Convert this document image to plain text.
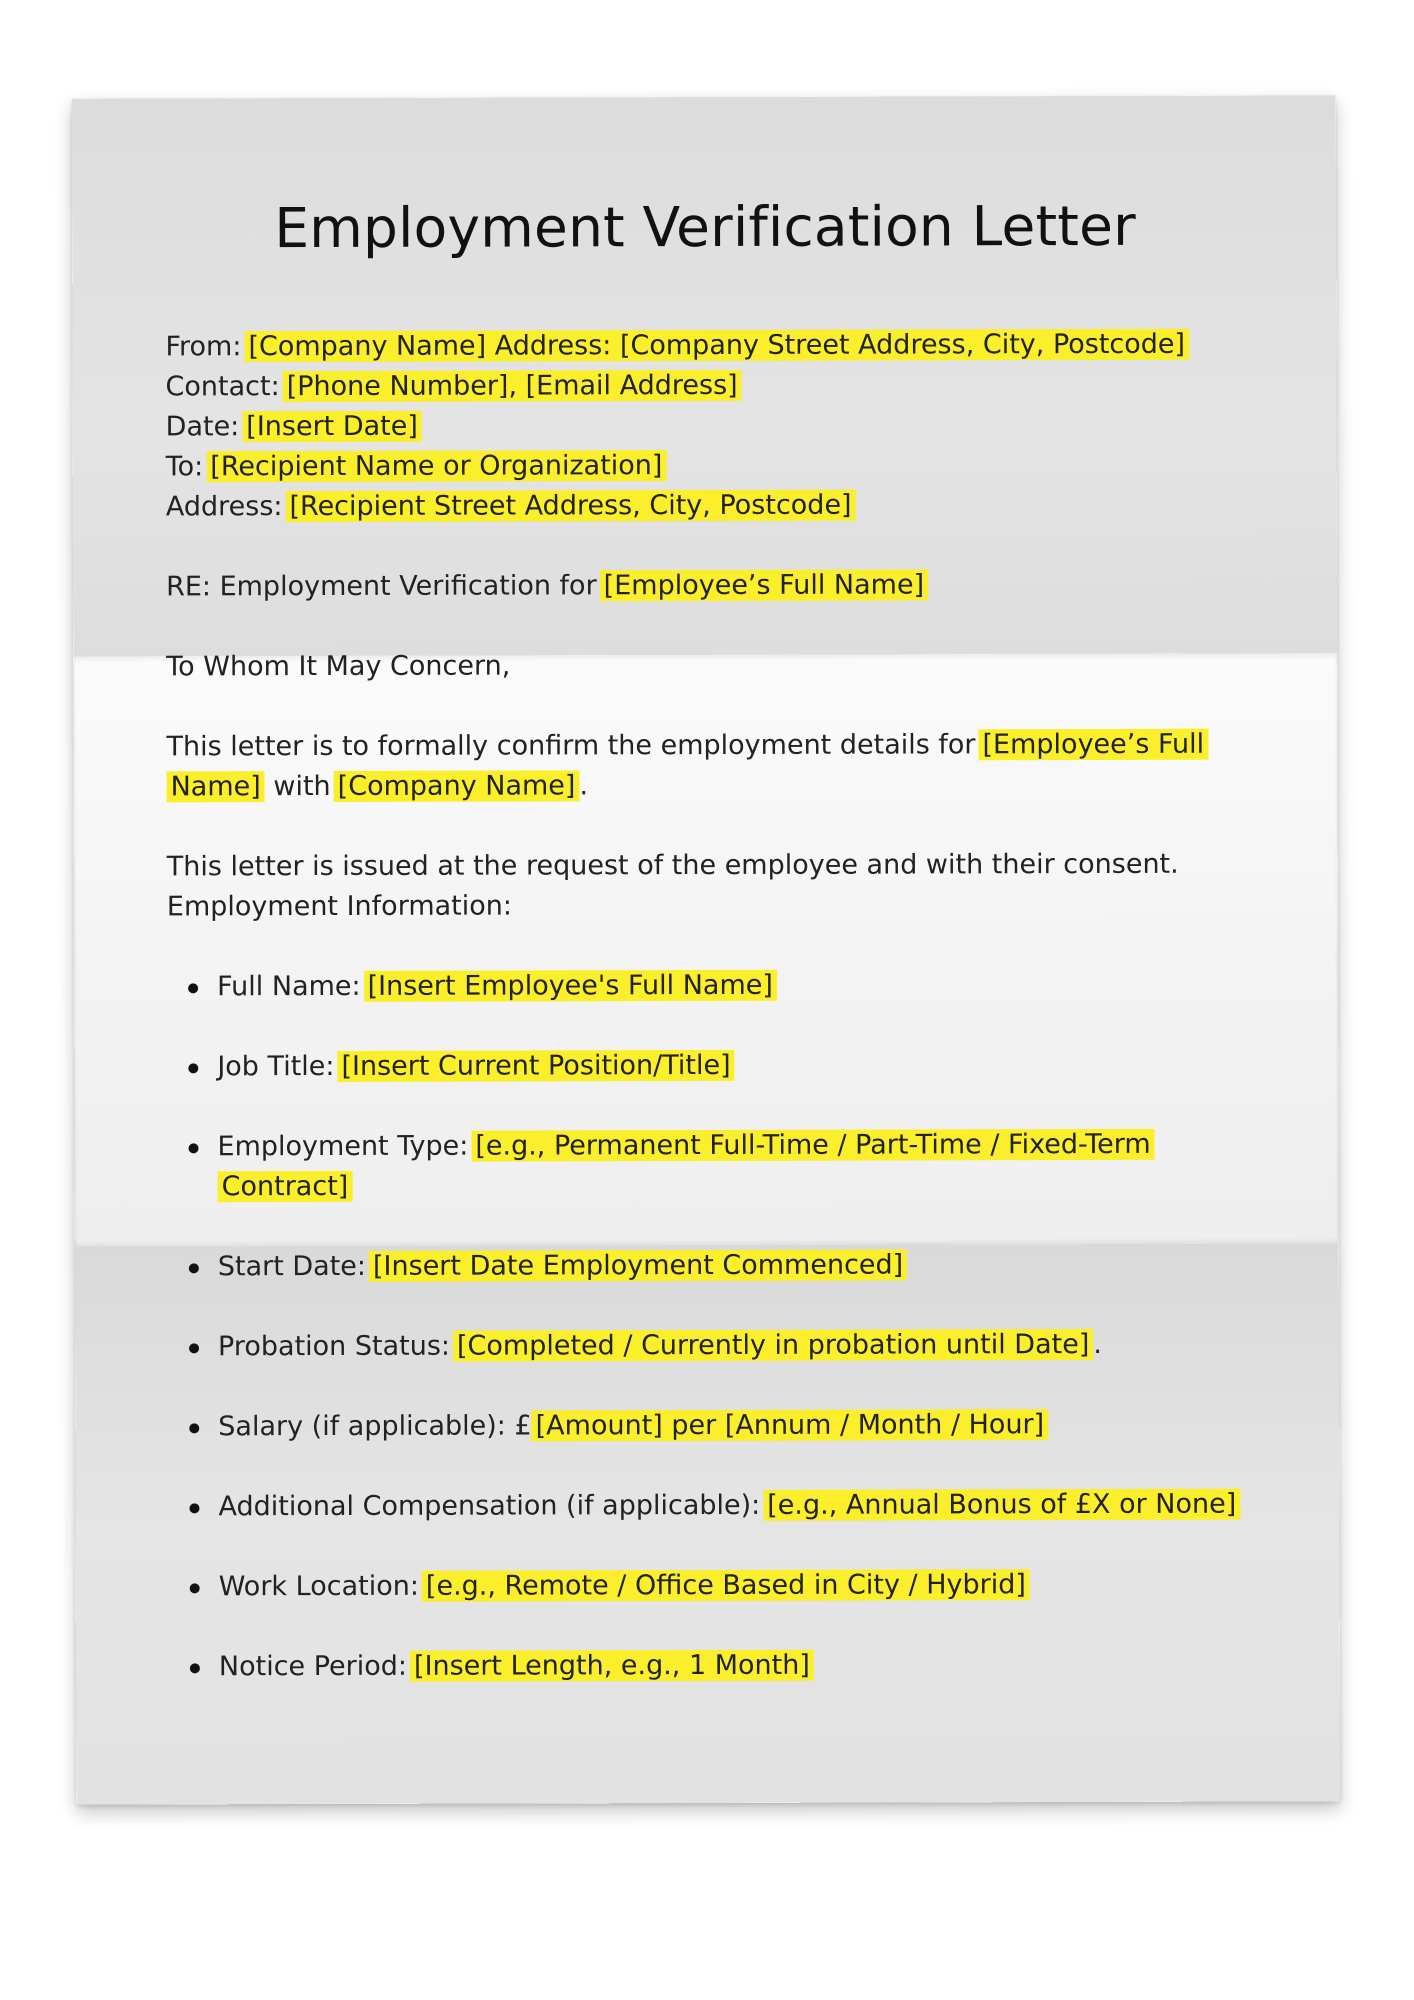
Employment Verification Letter
From: [Company Name] Address: [Company Street Address, City, Postcode]
Contact: [Phone Number], [Email Address]
Date: [Insert Date]
To: [Recipient Name or Organization]
Address: [Recipient Street Address, City, Postcode]
RE: Employment Verification for [Employee’s Full Name]
To Whom It May Concern,
This letter is to formally confirm the employment details for [Employee’s Full
Name] with [Company Name] .
This letter is issued at the request of the employee and with their consent.
Employment Information:
Full Name: [Insert Employee's Full Name]
Job Title: [Insert Current Position/Title]
Employment Type: [e.g., Permanent Full-Time / Part-Time / Fixed-Term
Contract]
Start Date: [Insert Date Employment Commenced]
Probation Status: [Completed / Currently in probation until Date] .
Salary (if applicable): £ [Amount] per [Annum / Month / Hour]
Additional Compensation (if applicable): [e.g., Annual Bonus of £X or None]
Work Location: [e.g., Remote / Office Based in City / Hybrid]
Notice Period: [Insert Length, e.g., 1 Month]
